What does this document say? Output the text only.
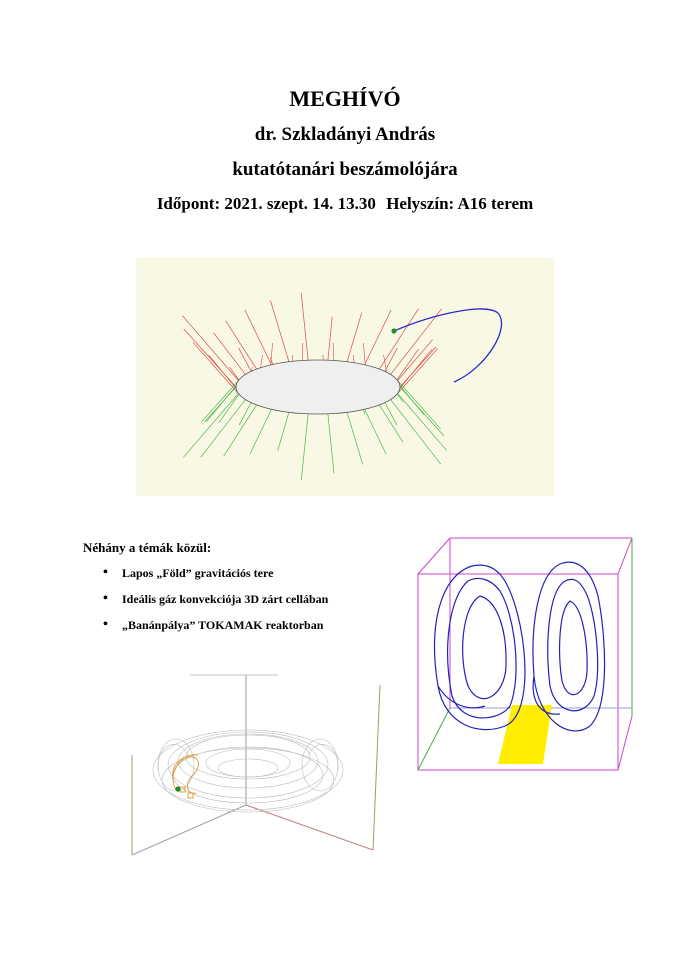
MEGHÍVÓ
dr. Szkladányi András
kutatótanári beszámolójára
Időpont: 2021. szept. 14. 13.30 Helyszín: A16 terem
Néhány a témák közül:
• Lapos „Föld” gravitációs tere
• Ideális gáz konvekciója 3D zárt cellában
• „Banánpálya” TOKAMAK reaktorban
